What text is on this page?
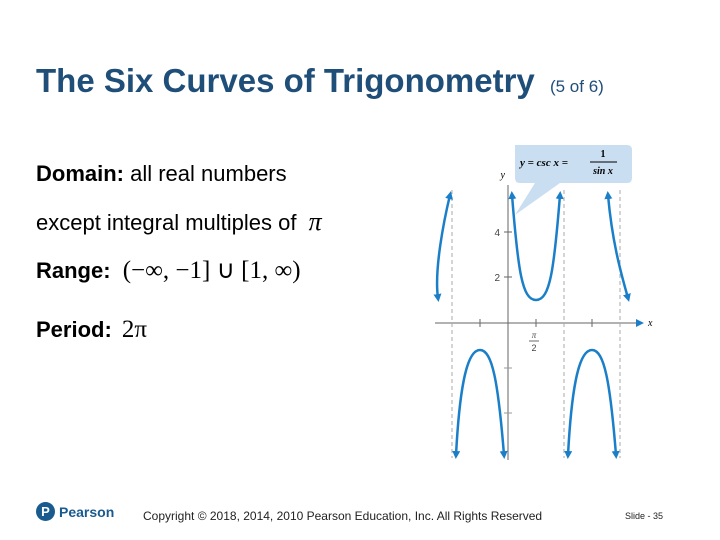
The Six Curves of Trigonometry (5 of 6)
Domain: all real numbers
except integral multiples of π
Range: (−∞, −1] ∪ [1, ∞)
Period: 2π
y = csc x =
1
sin x
y
4
2
x
π
2
P Pearson Copyright © 2018, 2014, 2010 Pearson Education, Inc. All Rights Reserved	Slide - 35
